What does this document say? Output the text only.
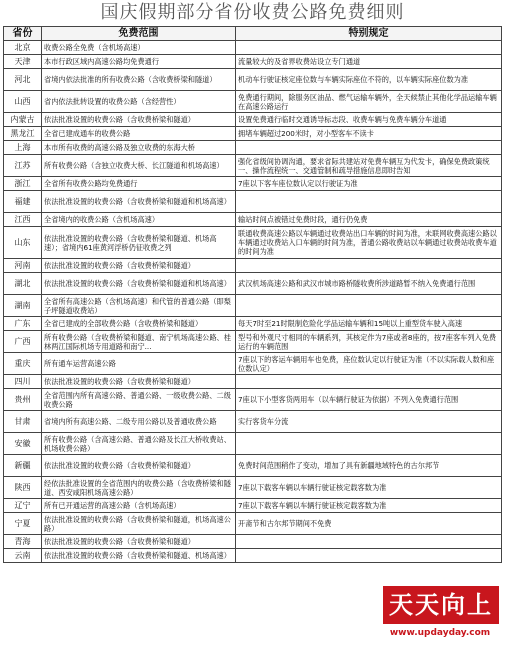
国庆假期部分省份收费公路免费细则
省份	免费范围	特别规定
北京	收费公路全免费（含机场高速）	
天津	本市行政区域内高速公路均免费通行	流量较大的及省界收费站设立专门通道
河北	省境内依法批准的所有收费公路（含收费桥梁和隧道）	机动车行驶证核定座位数与车辆实际座位不符的，以车辆实际座位数为准
山西	省内依法批转设置的收费公路（含经营性）	免费通行期间，除服务区油品、燃气运输车辆外，全天候禁止其他化学品运输车辆在高速公路运行
内蒙古	依法批准设置的收费公路（含收费桥梁和隧道）	设置免费通行临时交通诱导标志段、收费车辆与免费车辆分车道通
黑龙江	全省已建成通车的收费公路	拥堵车辆超过200米时，对小型客车不读卡
上海	本市所有收费的高速公路及独立收费的东海大桥	
江苏	所有收费公路（含独立收费大桥、长江隧道和机场高速）	强化省级间协调沟通，要求省际共建站对免费车辆互为代发卡，确保免费政策统一、操作流程统一、交通管制和疏导措施信息即时告知
浙江	全省所有收费公路均免费通行	7座以下客车座位数认定以行驶证为准
福建	依法批准设置的收费公路（含收费桥梁和隧道和机场高速）	
江西	全省境内的收费公路（含机场高速）	输站时间点被错过免费时段，通行仍免费
山东	依法批准设置的收费公路（含收费桥梁和隧道、机场高速）；省境内61座黄河浮桥仍征收费之列	联通收费高速公路以车辆通过收费站出口车辆的时间为准，未联网收费高速公路以车辆通过收费站入口车辆的时间为准，普通公路收费站以车辆通过收费站收费车道的时间为准
河南	依法批准设置的收费公路（含收费桥梁和隧道）	
湖北	依法批准设置的收费公路（含收费桥梁和隧道和机场高速）	武汉机场高速公路和武汉市城市路桥隧收费所涉道路暂不纳入免费通行范围
湖南	全省所有高速公路（含机场高速）和代管的普通公路（即梨子坪隧道收费站）	
广东	全省已建成的全部收费公路（含收费桥梁和隧道）	每天7时至21时限制危险化学品运输车辆和15吨以上重型货车驶入高速
广西	所有收费公路（含收费桥梁和隧道、南宁机场高速公路、桂林两江国际机场专用道路和南宁...	型号和外观尺寸相同的车辆系列，其核定作为7座或者8座的，按7座客车列入免费运行的车辆范围
重庆	所有通车运营高速公路	7座以下的客运车辆用车也免费，座位数认定以行驶证为准（不以实际载人数和座位数认定）
四川	依法批准设置的收费公路（含收费桥梁和隧道）	
贵州	全省范围内所有高速公路、普通公路、一级收费公路、二级收费公路	7座以下小型客货两用车（以车辆行驶证为依据）不列入免费通行范围
甘肃	省境内所有高速公路、二级专用公路以及普通收费公路	实行客货车分流
安徽	所有收费公路（含高速公路、普通公路及长江大桥收费站、机场收费公路）	
新疆	依法批准设置的收费公路（含收费桥梁和隧道）	免费时间范围稍作了变动，增加了具有新疆地域特色的古尔邦节
陕西	经依法批准设置的全省范围内的收费公路（含收费桥梁和隧道、西安咸阳机场高速公路）	7座以下载客车辆以车辆行驶证核定载客数为准
辽宁	所有已开通运营的高速公路（含机场高速）	7座以下载客车辆以车辆行驶证核定载客数为准
宁夏	依法批准设置的收费公路（含收费桥梁和隧道，机场高速公路）	开斋节和古尔邦节期间不免费
青海	依法批准设置的收费公路（含收费桥梁和隧道）	
云南	依法批准设置的收费公路（含收费桥梁和隧道、机场高速）	
天天向上
www.updayday.com
